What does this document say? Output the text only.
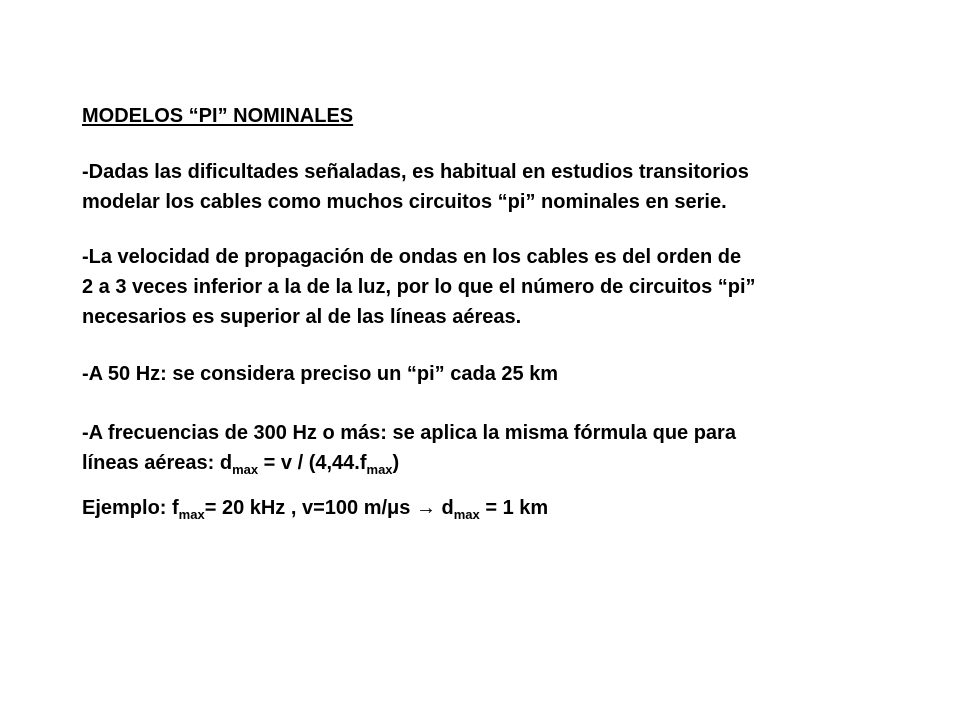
MODELOS “PI” NOMINALES
-Dadas las dificultades señaladas, es habitual en estudios transitorios
modelar los cables como muchos circuitos “pi” nominales en serie.
-La velocidad de propagación de ondas en los cables es del orden de
2 a 3 veces inferior a la de la luz, por lo que el número de circuitos “pi”
necesarios es superior al de las líneas aéreas.
-A 50 Hz: se considera preciso un “pi” cada 25 km
-A frecuencias de 300 Hz o más: se aplica la misma fórmula que para
líneas aéreas: $d_{max} = v / (4,44.f_{max})$
Ejemplo: $f_{max}= 20$ kHz , v=100 $m/\mu s \to d_{max} = 1$ km
